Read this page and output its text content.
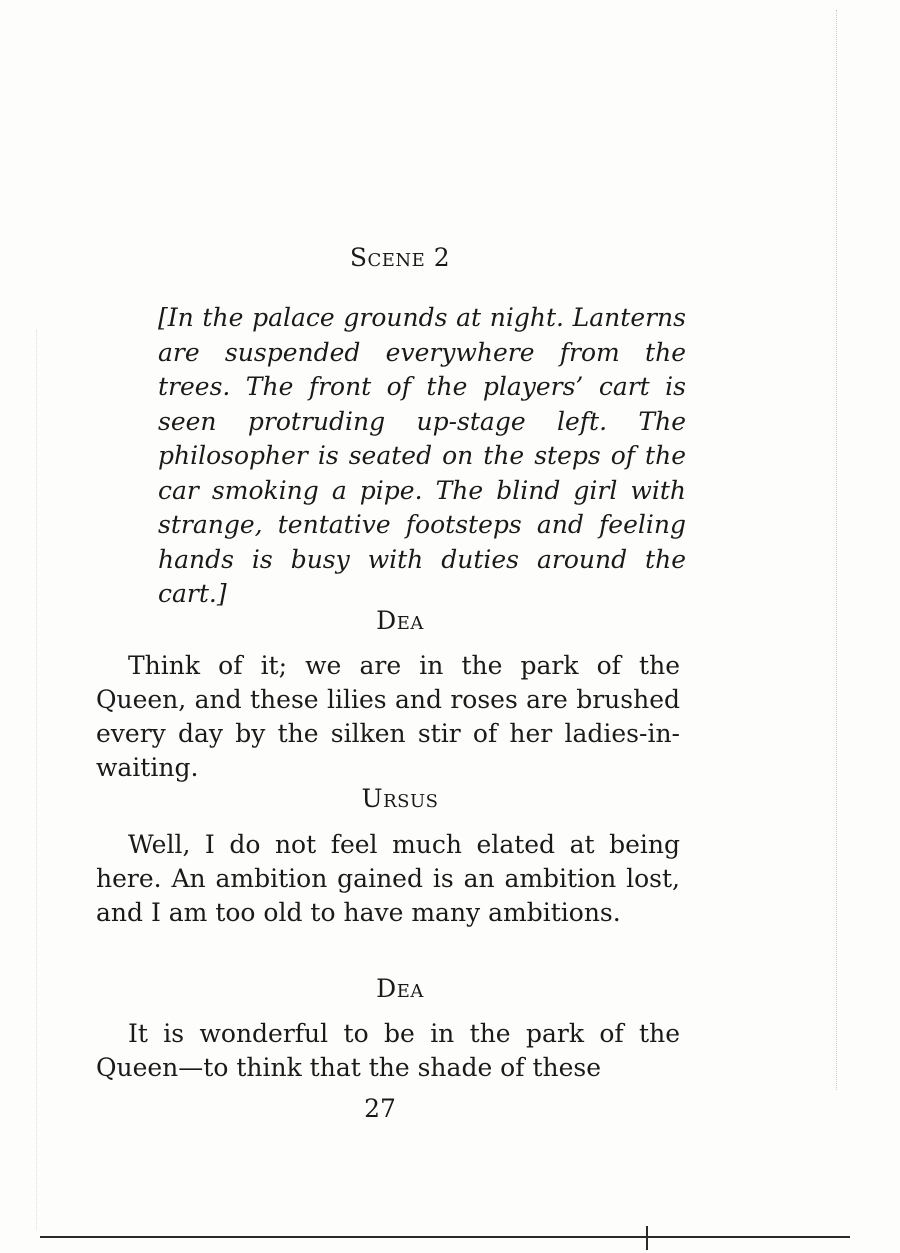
Scene 2
[In the palace grounds at night. Lanterns are suspended everywhere from the trees. The front of the players’ cart is seen protruding up-stage left. The philosopher is seated on the steps of the car smoking a pipe. The blind girl with strange, tentative footsteps and feeling hands is busy with duties around the cart.]
Dea
Think of it; we are in the park of the Queen, and these lilies and roses are brushed every day by the silken stir of her ladies-in-waiting.
Ursus
Well, I do not feel much elated at being here. An ambition gained is an ambition lost, and I am too old to have many ambitions.
Dea
It is wonderful to be in the park of the Queen—to think that the shade of these
27
